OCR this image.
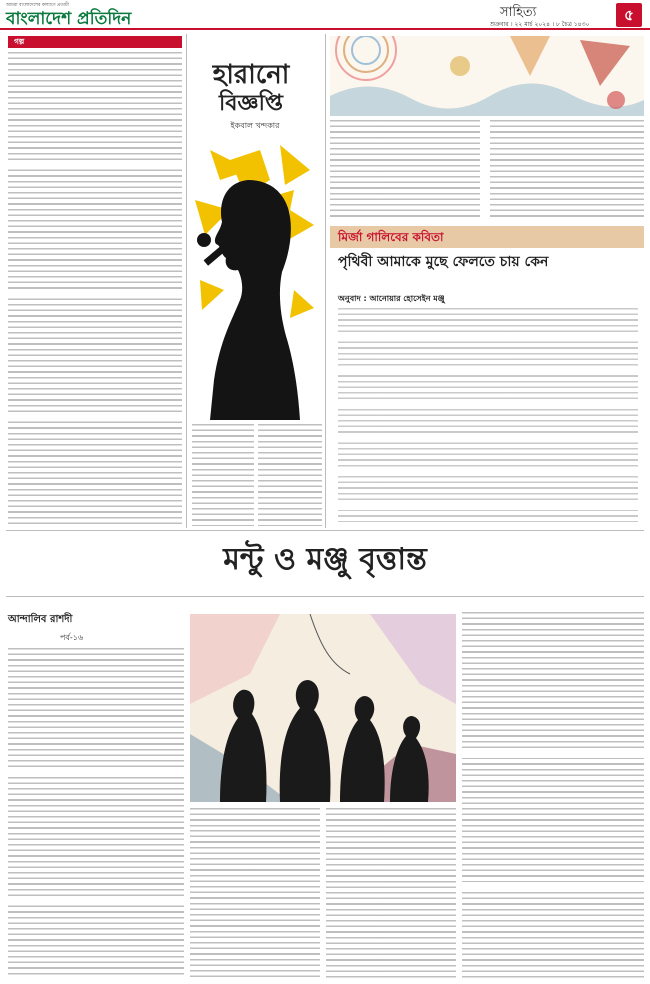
আমরা বাংলাদেশের কল্যাণে প্রত্যয়ী
বাংলাদেশ প্রতিদিন	সাহিত্য
শুক্রবার । ২২ মার্চ ২০২৪ । ৮ চৈত্র ১৪৩০
৫
গল্প
হারানো
বিজ্ঞপ্তি
ইকবাল খন্দকার
মির্জা গালিবের কবিতা
পৃথিবী আমাকে মুছে ফেলতে চায় কেন
অনুবাদ : আনোয়ার হোসেইন মঞ্জু
মন্টু ও মঞ্জু বৃত্তান্ত
আন্দালিব রাশদী
পর্ব-১৬
